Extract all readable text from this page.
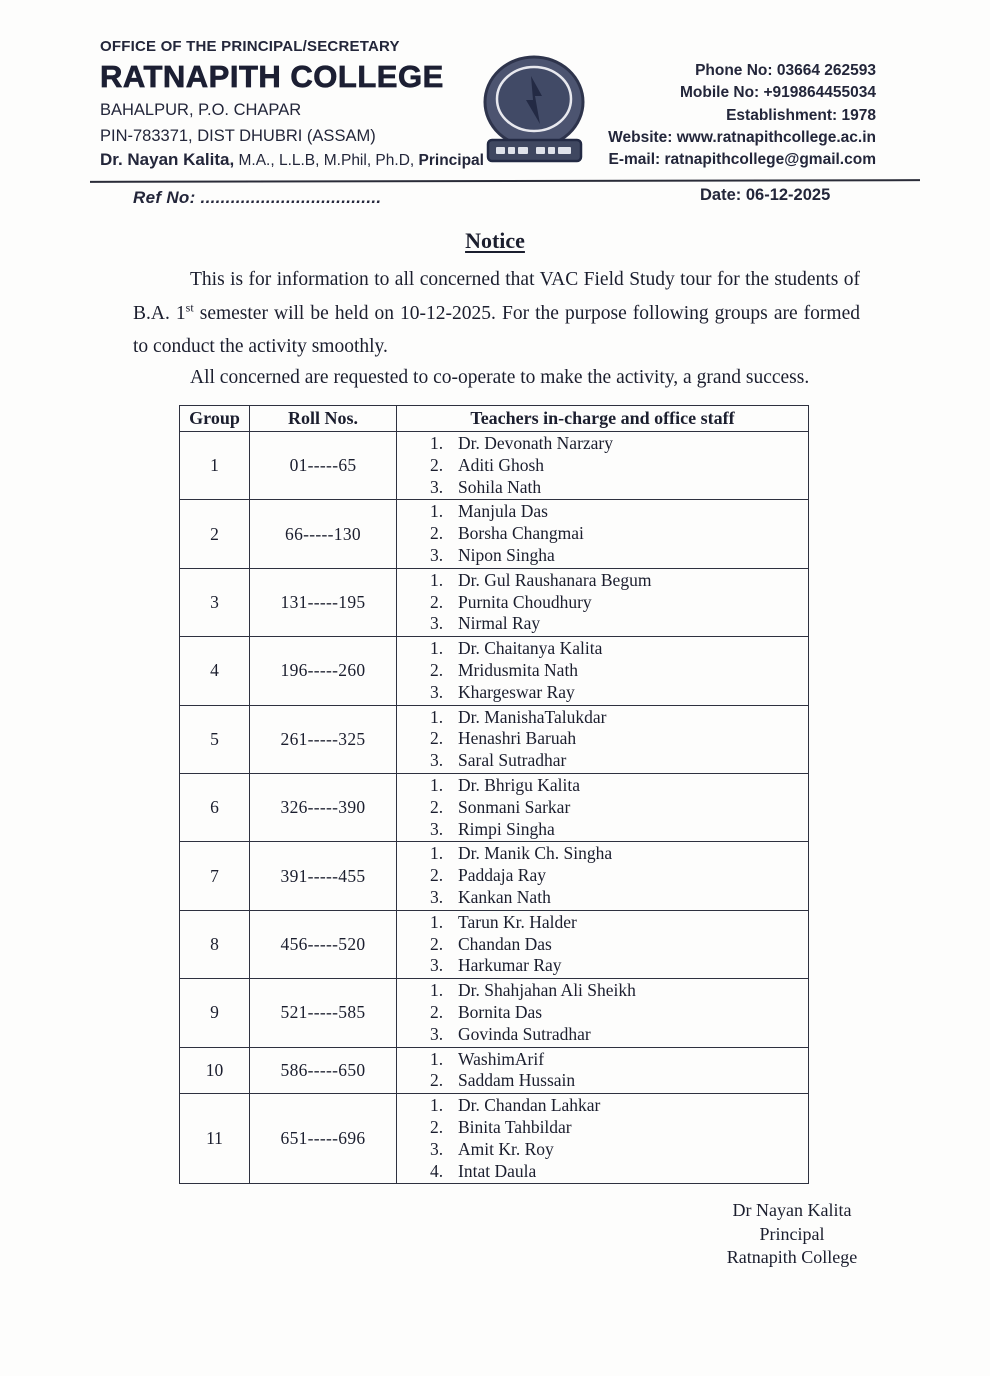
OFFICE OF THE PRINCIPAL/SECRETARY
RATNAPITH COLLEGE
BAHALPUR, P.O. CHAPAR
PIN-783371, DIST DHUBRI (ASSAM)
Dr. Nayan Kalita, M.A., L.L.B, M.Phil, Ph.D, Principal
Phone No: 03664 262593
Mobile No: +919864455034
Establishment: 1978
Website: www.ratnapithcollege.ac.in
E-mail: ratnapithcollege@gmail.com
Ref No: ....................................	Date: 06-12-2025
Notice

This is for information to all concerned that VAC Field Study tour for the students of B.A. 1st semester will be held on 10-12-2025. For the purpose following groups are formed to conduct the activity smoothly.

All concerned are requested to co-operate to make the activity, a grand success.

Group	Roll Nos.	Teachers in-charge and office staff
1	01-----65	
1. Dr. Devonath Narzary
2. Aditi Ghosh
3. Sohila Nath

2	66-----130	
1. Manjula Das
2. Borsha Changmai
3. Nipon Singha

3	131-----195	
1. Dr. Gul Raushanara Begum
2. Purnita Choudhury
3. Nirmal Ray

4	196-----260	
1. Dr. Chaitanya Kalita
2. Mridusmita Nath
3. Khargeswar Ray

5	261-----325	
1. Dr. ManishaTalukdar
2. Henashri Baruah
3. Saral Sutradhar

6	326-----390	
1. Dr. Bhrigu Kalita
2. Sonmani Sarkar
3. Rimpi Singha

7	391-----455	
1. Dr. Manik Ch. Singha
2. Paddaja Ray
3. Kankan Nath

8	456-----520	
1. Tarun Kr. Halder
2. Chandan Das
3. Harkumar Ray

9	521-----585	
1. Dr. Shahjahan Ali Sheikh
2. Bornita Das
3. Govinda Sutradhar

10	586-----650	1. WashimArif
2. Saddam Hussain

11	651-----696	
1. Dr. Chandan Lahkar
2. Binita Tahbildar
3. Amit Kr. Roy
4. Intat Daula
Dr Nayan Kalita
Principal
Ratnapith College
